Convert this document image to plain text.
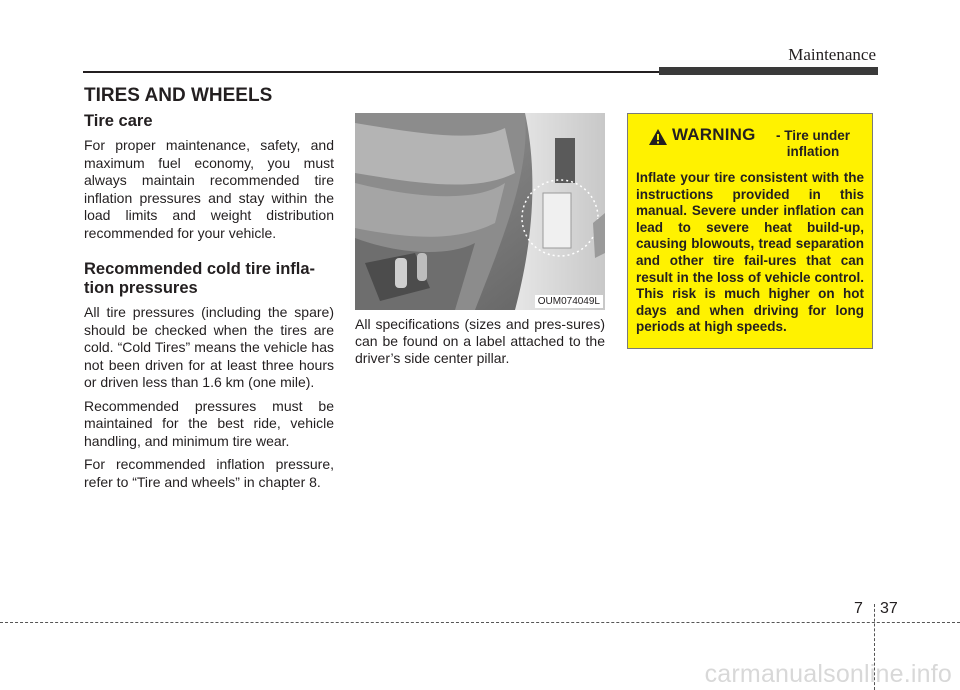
Maintenance
TIRES AND WHEELS
Tire care

For proper maintenance, safety, and maximum fuel economy, you must always maintain recommended tire inflation pressures and stay within the load limits and weight distribution recommended for your vehicle.

Recommended cold tire infla-tion pressures

All tire pressures (including the spare) should be checked when the tires are cold. “Cold Tires” means the vehicle has not been driven for at least three hours or driven less than 1.6 km (one mile).

Recommended pressures must be maintained for the best ride, vehicle handling, and minimum tire wear.

For recommended inflation pressure, refer to “Tire and wheels” in chapter 8.

OUM074049L

All specifications (sizes and pres-sures) can be found on a label attached to the driver’s side center pillar.

WARNING	- Tire under inflation

Inflate your tire consistent with the instructions provided in this manual. Severe under inflation can lead to severe heat build-up, causing blowouts, tread separation and other tire fail-ures that can result in the loss of vehicle control. This risk is much higher on hot days and when driving for long periods at high speeds.

7 37
carmanualsonline.info
